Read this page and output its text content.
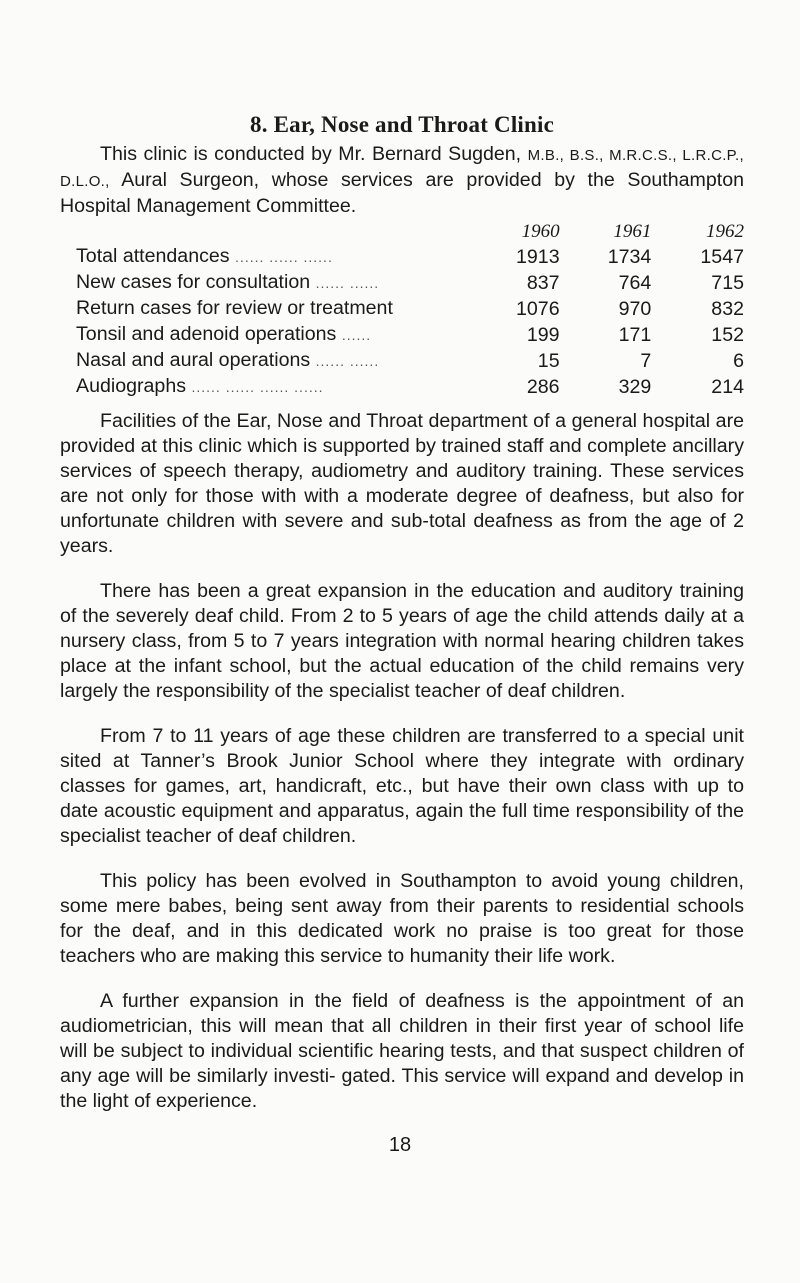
8. Ear, Nose and Throat Clinic

This clinic is conducted by Mr. Bernard Sugden, M.B., B.S., M.R.C.S., L.R.C.P., D.L.O., Aural Surgeon, whose services are provided by the Southampton Hospital Management Committee.

	1960	1961	1962
Total attendances ...... ...... ......	1913	1734	1547
New cases for consultation ...... ......	837	764	715
Return cases for review or treatment	1076	970	832
Tonsil and adenoid operations ......	199	171	152
Nasal and aural operations ...... ......	15	7	6
Audiographs ...... ...... ...... ......	286	329	214

Facilities of the Ear, Nose and Throat department of a general hospital are provided at this clinic which is supported by trained staff and complete ancillary services of speech therapy, audiometry and auditory training. These services are not only for those with with a moderate degree of deafness, but also for unfortunate children with severe and sub-total deafness as from the age of 2 years.

There has been a great expansion in the education and auditory training of the severely deaf child. From 2 to 5 years of age the child attends daily at a nursery class, from 5 to 7 years integration with normal hearing children takes place at the infant school, but the actual education of the child remains very largely the responsibility of the specialist teacher of deaf children.

From 7 to 11 years of age these children are transferred to a special unit sited at Tanner’s Brook Junior School where they integrate with ordinary classes for games, art, handicraft, etc., but have their own class with up to date acoustic equipment and apparatus, again the full time responsibility of the specialist teacher of deaf children.

This policy has been evolved in Southampton to avoid young children, some mere babes, being sent away from their parents to residential schools for the deaf, and in this dedicated work no praise is too great for those teachers who are making this service to humanity their life work.

A further expansion in the field of deafness is the appointment of an audiometrician, this will mean that all children in their first year of school life will be subject to individual scientific hearing tests, and that suspect children of any age will be similarly investi- gated. This service will expand and develop in the light of experience.

18
